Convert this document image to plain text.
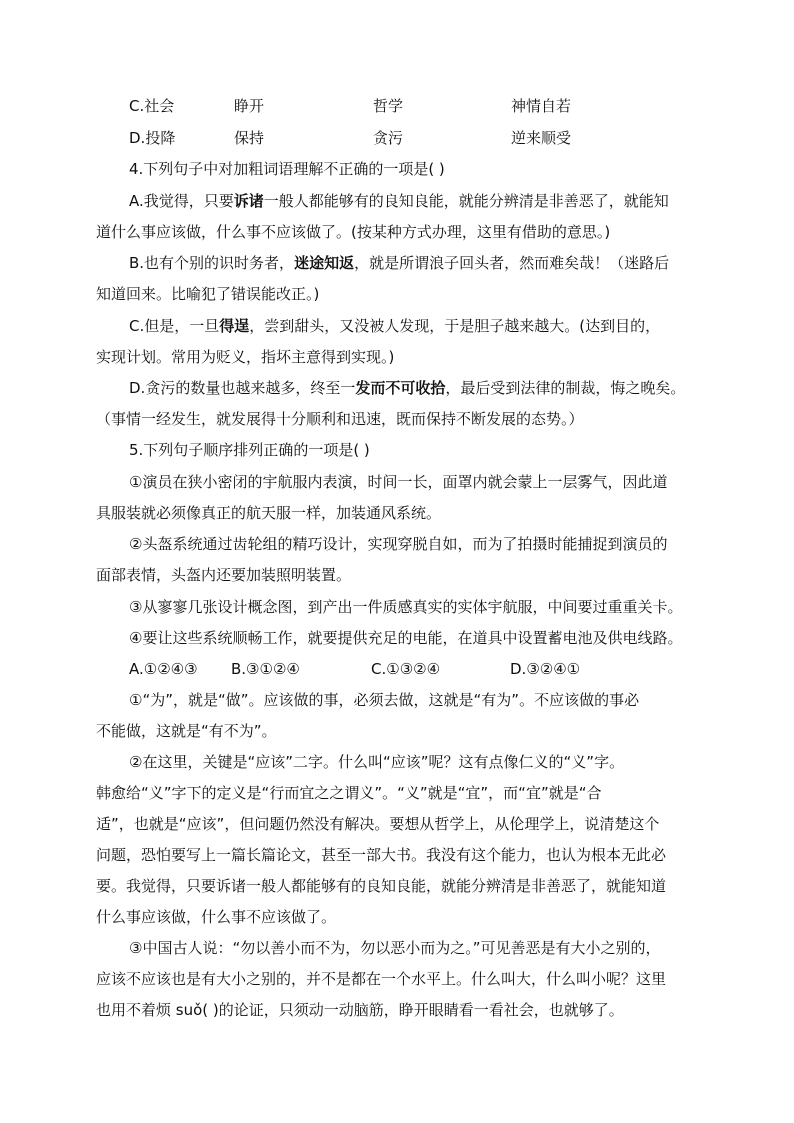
C.社会	睁开	哲学	神情自若
D.投降	保持	贪污	逆来顺受
4.下列句子中对加粗词语理解不正确的一项是( )
A.我觉得，只要诉诸一般人都能够有的良知良能，就能分辨清是非善恶了，就能知
道什么事应该做，什么事不应该做了。(按某种方式办理，这里有借助的意思。)
B.也有个别的识时务者，迷途知返，就是所谓浪子回头者，然而难矣哉！（迷路后
知道回来。比喻犯了错误能改正。)
C.但是，一旦得逞，尝到甜头，又没被人发现，于是胆子越来越大。(达到目的，
实现计划。常用为贬义，指坏主意得到实现。)
D.贪污的数量也越来越多，终至一发而不可收拾，最后受到法律的制裁，悔之晚矣。
（事情一经发生，就发展得十分顺利和迅速，既而保持不断发展的态势。）
5.下列句子顺序排列正确的一项是( )
①演员在狭小密闭的宇航服内表演，时间一长，面罩内就会蒙上一层雾气，因此道
具服装就必须像真正的航天服一样，加装通风系统。
②头盔系统通过齿轮组的精巧设计，实现穿脱自如，而为了拍摄时能捕捉到演员的
面部表情，头盔内还要加装照明装置。
③从寥寥几张设计概念图，到产出一件质感真实的实体宇航服，中间要过重重关卡。
④要让这些系统顺畅工作，就要提供充足的电能，在道具中设置蓄电池及供电线路。
A.①②④③ B.③①②④	C.①③②④	D.③②④①
①“为”，就是“做”。应该做的事，必须去做，这就是“有为”。不应该做的事必
不能做，这就是“有不为”。
②在这里，关键是“应该”二字。什么叫“应该”呢？这有点像仁义的“义”字。
韩愈给“义”字下的定义是“行而宜之之谓义”。“义”就是“宜”，而“宜”就是“合
适”，也就是“应该”，但问题仍然没有解决。要想从哲学上，从伦理学上，说清楚这个
问题，恐怕要写上一篇长篇论文，甚至一部大书。我没有这个能力，也认为根本无此必
要。我觉得，只要诉诸一般人都能够有的良知良能，就能分辨清是非善恶了，就能知道
什么事应该做，什么事不应该做了。
③中国古人说：“勿以善小而不为，勿以恶小而为之。”可见善恶是有大小之别的，
应该不应该也是有大小之别的，并不是都在一个水平上。什么叫大，什么叫小呢？这里
也用不着烦 suǒ( )的论证，只须动一动脑筋，睁开眼睛看一看社会，也就够了。
